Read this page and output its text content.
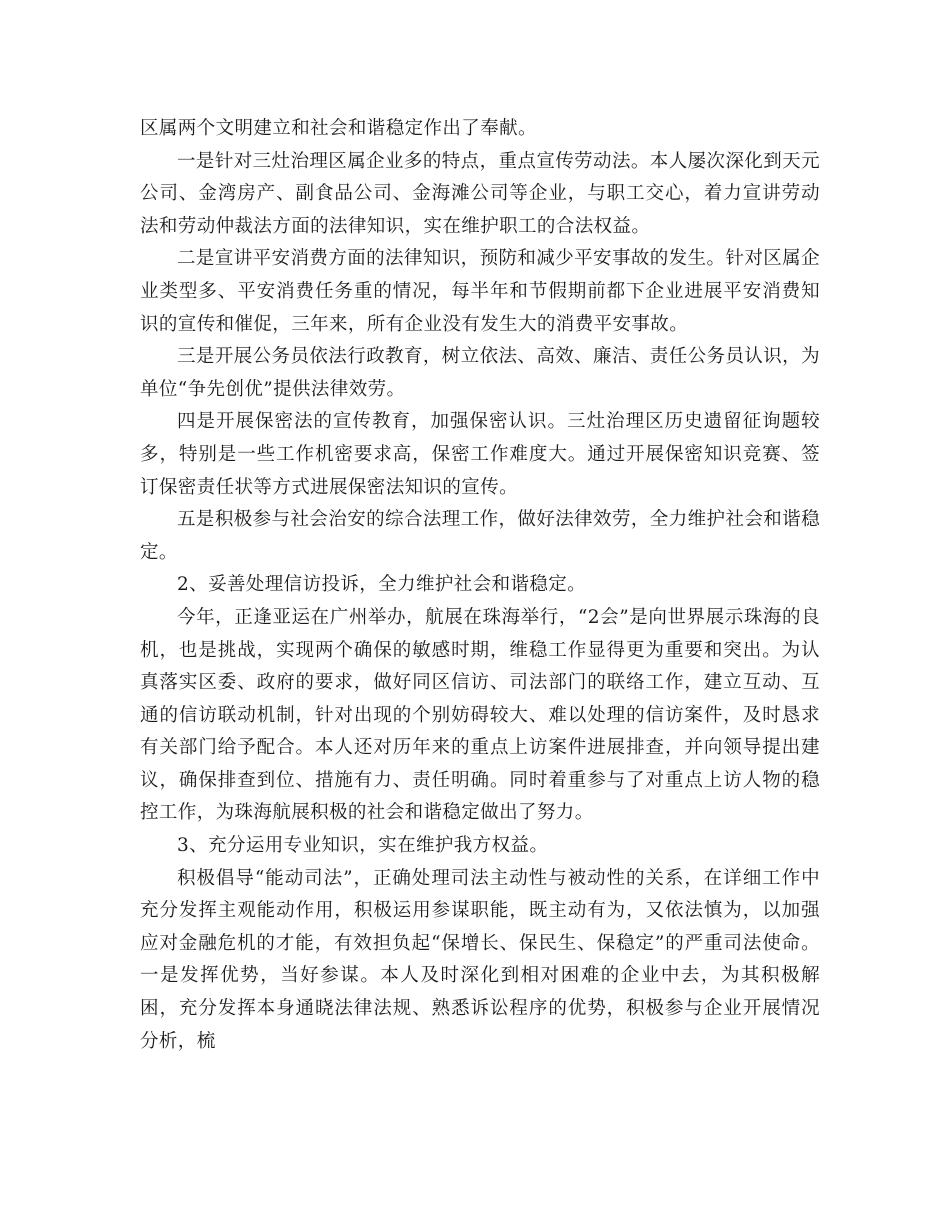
区属两个文明建立和社会和谐稳定作出了奉献。

一是针对三灶治理区属企业多的特点，重点宣传劳动法。本人屡次深化到天元公司、金湾房产、副食品公司、金海滩公司等企业，与职工交心，着力宣讲劳动法和劳动仲裁法方面的法律知识，实在维护职工的合法权益。

二是宣讲平安消费方面的法律知识，预防和减少平安事故的发生。针对区属企业类型多、平安消费任务重的情况，每半年和节假期前都下企业进展平安消费知识的宣传和催促，三年来，所有企业没有发生大的消费平安事故。

三是开展公务员依法行政教育，树立依法、高效、廉洁、责任公务员认识，为单位“争先创优”提供法律效劳。

四是开展保密法的宣传教育，加强保密认识。三灶治理区历史遗留征询题较多，特别是一些工作机密要求高，保密工作难度大。通过开展保密知识竞赛、签订保密责任状等方式进展保密法知识的宣传。

五是积极参与社会治安的综合法理工作，做好法律效劳，全力维护社会和谐稳定。

2、妥善处理信访投诉，全力维护社会和谐稳定。

今年，正逢亚运在广州举办，航展在珠海举行，“2会”是向世界展示珠海的良机，也是挑战，实现两个确保的敏感时期，维稳工作显得更为重要和突出。为认真落实区委、政府的要求，做好同区信访、司法部门的联络工作，建立互动、互通的信访联动机制，针对出现的个别妨碍较大、难以处理的信访案件，及时恳求有关部门给予配合。本人还对历年来的重点上访案件进展排查，并向领导提出建议，确保排查到位、措施有力、责任明确。同时着重参与了对重点上访人物的稳控工作，为珠海航展积极的社会和谐稳定做出了努力。

3、充分运用专业知识，实在维护我方权益。

积极倡导“能动司法”，正确处理司法主动性与被动性的关系，在详细工作中充分发挥主观能动作用，积极运用参谋职能，既主动有为，又依法慎为，以加强应对金融危机的才能，有效担负起“保增长、保民生、保稳定”的严重司法使命。一是发挥优势，当好参谋。本人及时深化到相对困难的企业中去，为其积极解困，充分发挥本身通晓法律法规、熟悉诉讼程序的优势，积极参与企业开展情况分析，梳
